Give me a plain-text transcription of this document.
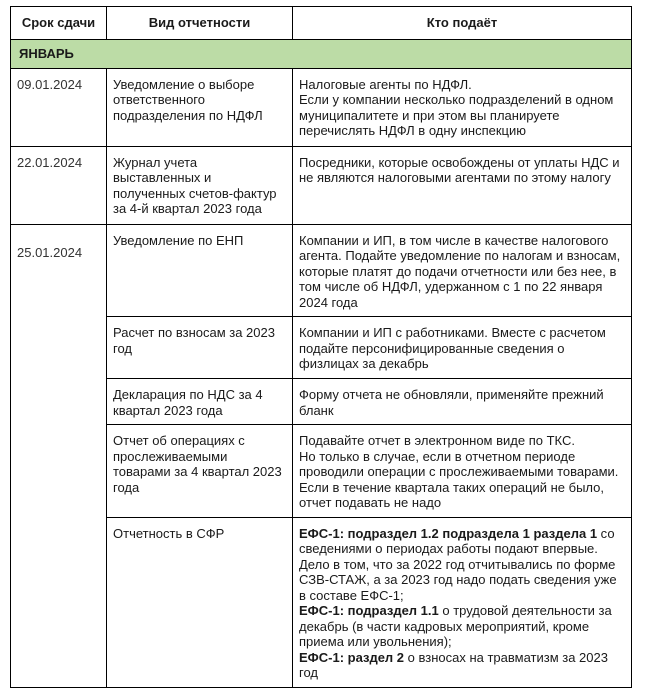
Срок сдачи	Вид отчетности	Кто подаёт
ЯНВАРЬ		
09.01.2024	Уведомление о выборе ответственного подразделения по НДФЛ	Налоговые агенты по НДФЛ.
Если у компании несколько подразделений в одном муниципалитете и при этом вы планируете перечислять НДФЛ в одну инспекцию

22.01.2024	Журнал учета выставленных и полученных счетов-фактур за 4-й квартал 2023 года	Посредники, которые освобождены от уплаты НДС и не являются налоговыми агентами по этому налогу
25.01.2024	Уведомление по ЕНП	Компании и ИП, в том числе в качестве налогового агента. Подайте уведомление по налогам и взносам, которые платят до подачи отчетности или без нее, в том числе об НДФЛ, удержанном с 1 по 22 января 2024 года
	Расчет по взносам за 2023 год	Компании и ИП с работниками. Вместе с расчетом подайте персонифицированные сведения о физлицах за декабрь
	Декларация по НДС за 4 квартал 2023 года	Форму отчета не обновляли, применяйте прежний бланк
	Отчет об операциях с прослеживаемыми товарами за 4 квартал 2023 года	Подавайте отчет в электронном виде по ТКС.
Но только в случае, если в отчетном периоде проводили операции с прослеживаемыми товарами. Если в течение квартала таких операций не было, отчет подавать не надо

	Отчетность в СФР	ЕФС-1: подраздел 1.2 подраздела 1 раздела 1 со сведениями о периодах работы подают впервые. Дело в том, что за 2022 год отчитывались по форме СЗВ-СТАЖ, а за 2023 год надо подать сведения уже в составе ЕФС-1;
ЕФС-1: подраздел 1.1 о трудовой деятельности за декабрь (в части кадровых мероприятий, кроме приема или увольнения);
ЕФС-1: раздел 2 о взносах на травматизм за 2023 год
